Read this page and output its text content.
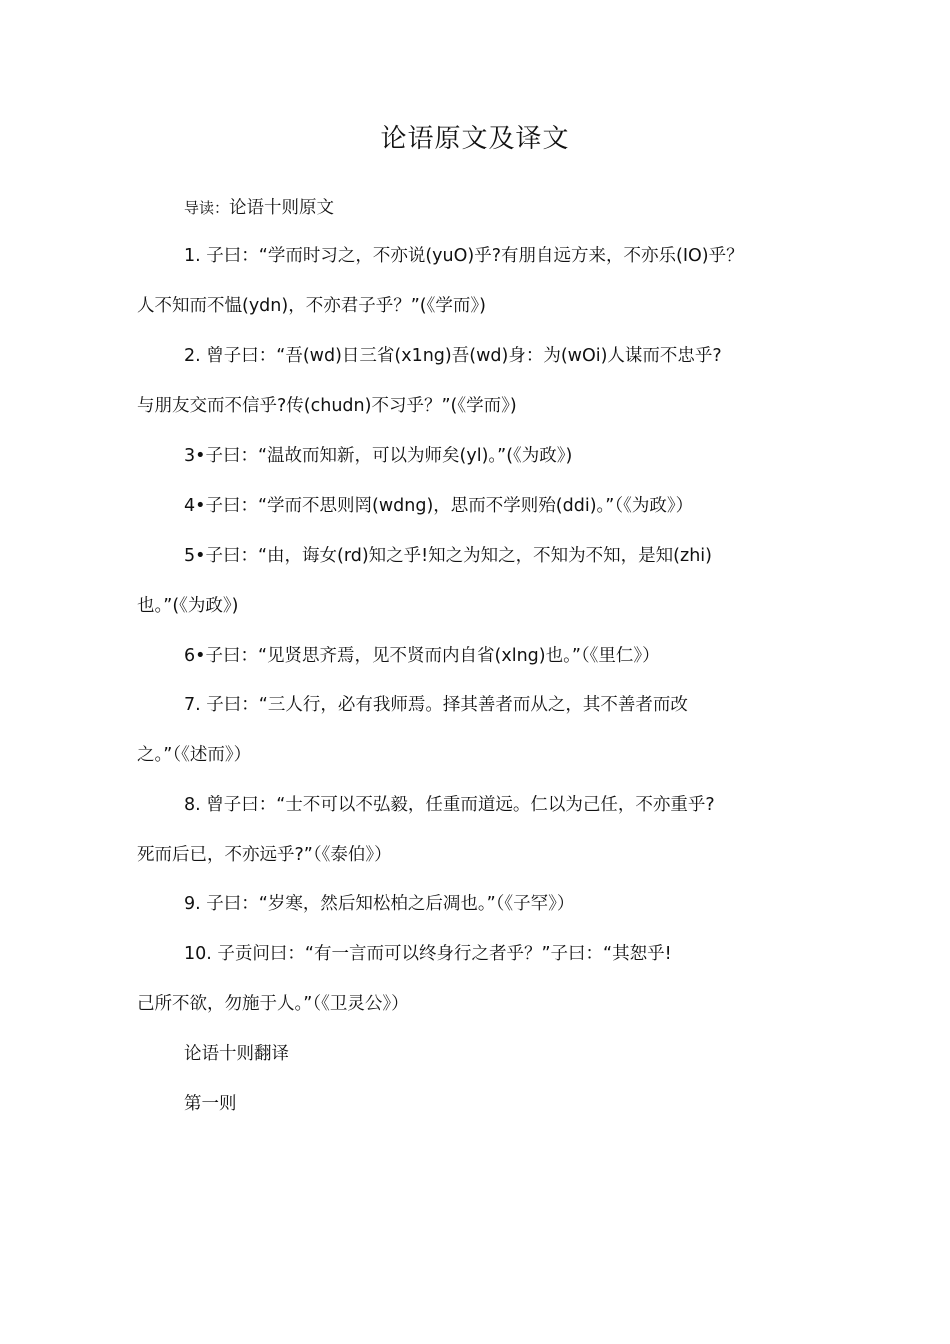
论语原文及译文
导读：论语十则原文
1. 子曰：“学而时习之，不亦说(yuO)乎?有朋自远方来，不亦乐(IO)乎？
人不知而不愠(ydn)，不亦君子乎？”(《学而》)
2. 曾子曰：“吾(wd)日三省(x1ng)吾(wd)身：为(wOi)人谋而不忠乎?
与朋友交而不信乎?传(chudn)不习乎？”(《学而》)
3•子曰：“温故而知新，可以为师矣(yl)。”(《为政》)
4•子曰：“学而不思则罔(wdng)，思而不学则殆(ddi)。”（《为政》）
5•子曰：“由，诲女(rd)知之乎!知之为知之，不知为不知，是知(zhi)
也。”(《为政》)
6•子曰：“见贤思齐焉，见不贤而内自省(xlng)也。”（《里仁》）
7. 子曰：“三人行，必有我师焉。择其善者而从之，其不善者而改
之。”（《述而》）
8. 曾子曰：“士不可以不弘毅，任重而道远。仁以为己任，不亦重乎?
死而后已，不亦远乎?”（《泰伯》）
9. 子曰：“岁寒，然后知松柏之后凋也。”（《子罕》）
10. 子贡问曰：“有一言而可以终身行之者乎？”子曰：“其恕乎!
己所不欲，勿施于人。”（《卫灵公》）
论语十则翻译
第一则
